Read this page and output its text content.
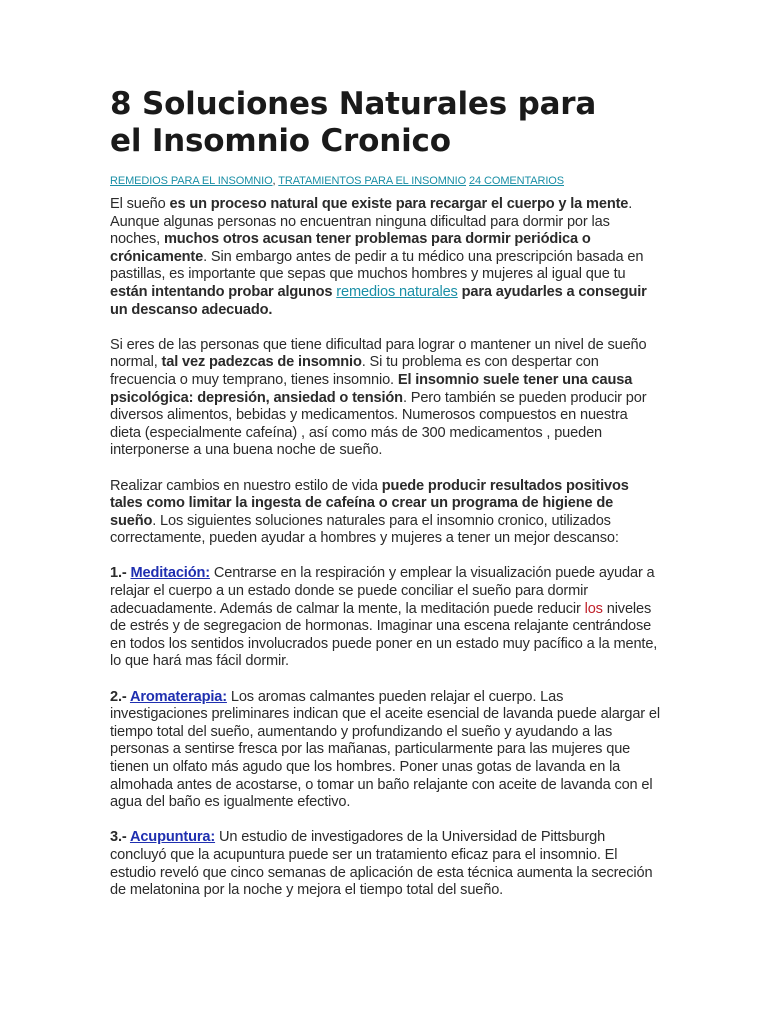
8 Soluciones Naturales para
el Insomnio Cronico
REMEDIOS PARA EL INSOMNIO, TRATAMIENTOS PARA EL INSOMNIO 24 COMENTARIOS

El sueño es un proceso natural que existe para recargar el cuerpo y la mente. Aunque algunas personas no encuentran ninguna dificultad para dormir por las noches, muchos otros acusan tener problemas para dormir periódica o crónicamente. Sin embargo antes de pedir a tu médico una prescripción basada en pastillas, es importante que sepas que muchos hombres y mujeres al igual que tu están intentando probar algunos remedios naturales para ayudarles a conseguir un descanso adecuado.

Si eres de las personas que tiene dificultad para lograr o mantener un nivel de sueño normal, tal vez padezcas de insomnio. Si tu problema es con despertar con frecuencia o muy temprano, tienes insomnio. El insomnio suele tener una causa psicológica: depresión, ansiedad o tensión. Pero también se pueden producir por diversos alimentos, bebidas y medicamentos. Numerosos compuestos en nuestra dieta (especialmente cafeína) , así como más de 300 medicamentos , pueden interponerse a una buena noche de sueño.

Realizar cambios en nuestro estilo de vida puede producir resultados positivos tales como limitar la ingesta de cafeína o crear un programa de higiene de sueño. Los siguientes soluciones naturales para el insomnio cronico, utilizados correctamente, pueden ayudar a hombres y mujeres a tener un mejor descanso:

1.- Meditación: Centrarse en la respiración y emplear la visualización puede ayudar a relajar el cuerpo a un estado donde se puede conciliar el sueño para dormir adecuadamente. Además de calmar la mente, la meditación puede reducir los niveles de estrés y de segregacion de hormonas. Imaginar una escena relajante centrándose en todos los sentidos involucrados puede poner en un estado muy pacífico a la mente, lo que hará mas fácil dormir.

2.- Aromaterapia: Los aromas calmantes pueden relajar el cuerpo. Las investigaciones preliminares indican que el aceite esencial de lavanda puede alargar el tiempo total del sueño, aumentando y profundizando el sueño y ayudando a las personas a sentirse fresca por las mañanas, particularmente para las mujeres que tienen un olfato más agudo que los hombres. Poner unas gotas de lavanda en la almohada antes de acostarse, o tomar un baño relajante con aceite de lavanda con el agua del baño es igualmente efectivo.

3.- Acupuntura: Un estudio de investigadores de la Universidad de Pittsburgh concluyó que la acupuntura puede ser un tratamiento eficaz para el insomnio. El estudio reveló que cinco semanas de aplicación de esta técnica aumenta la secreción de melatonina por la noche y mejora el tiempo total del sueño.
